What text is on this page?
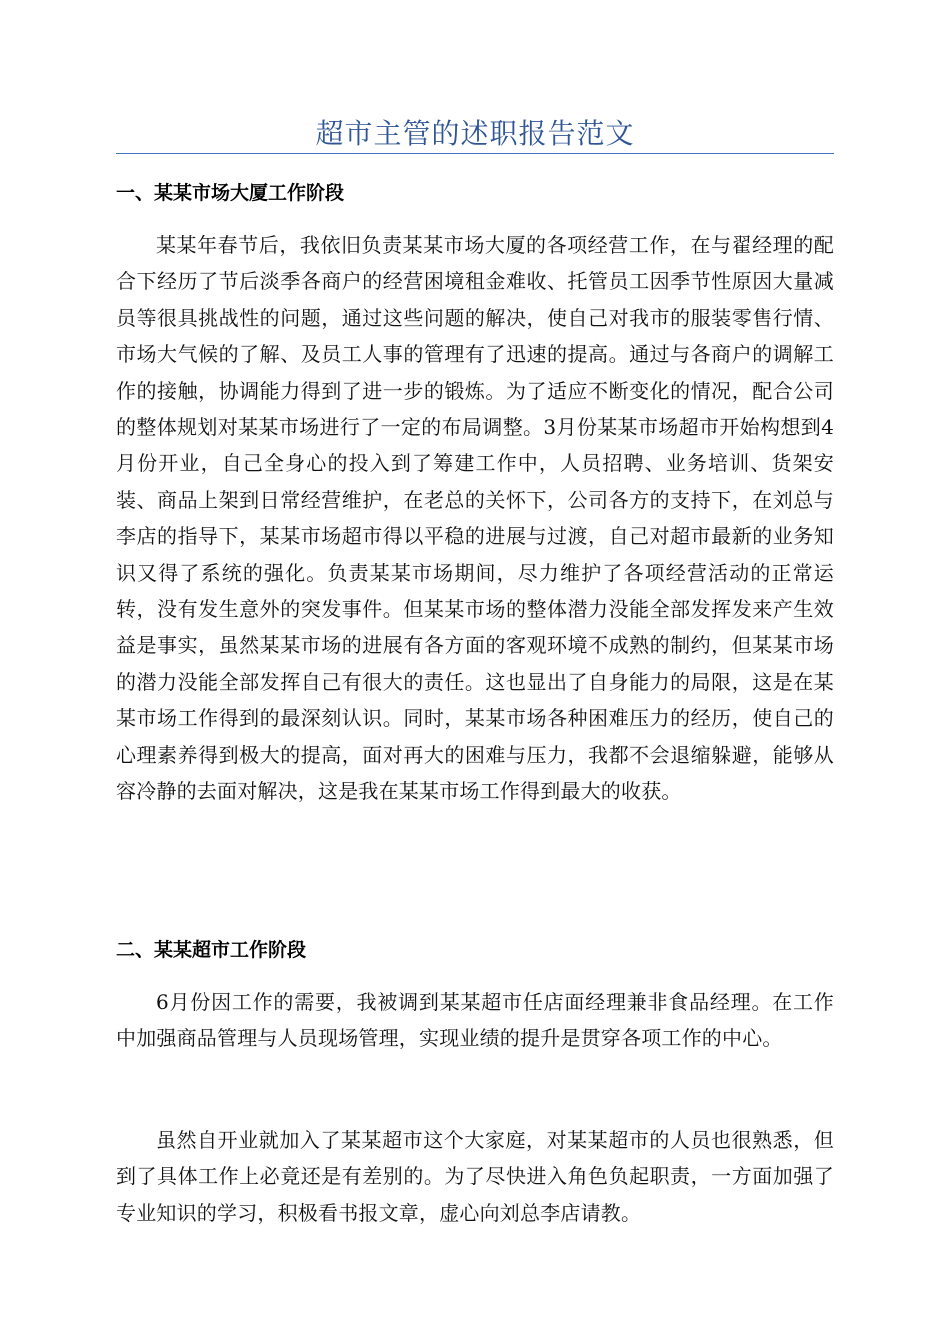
超市主管的述职报告范文
一、某某市场大厦工作阶段

某某年春节后，我依旧负责某某市场大厦的各项经营工作，在与翟经理的配合下经历了节后淡季各商户的经营困境租金难收、托管员工因季节性原因大量减员等很具挑战性的问题，通过这些问题的解决，使自己对我市的服装零售行情、市场大气候的了解、及员工人事的管理有了迅速的提高。通过与各商户的调解工作的接触，协调能力得到了进一步的锻炼。为了适应不断变化的情况，配合公司的整体规划对某某市场进行了一定的布局调整。3月份某某市场超市开始构想到4月份开业，自己全身心的投入到了筹建工作中，人员招聘、业务培训、货架安装、商品上架到日常经营维护，在老总的关怀下，公司各方的支持下，在刘总与李店的指导下，某某市场超市得以平稳的进展与过渡，自己对超市最新的业务知识又得了系统的强化。负责某某市场期间，尽力维护了各项经营活动的正常运转，没有发生意外的突发事件。但某某市场的整体潜力没能全部发挥发来产生效益是事实，虽然某某市场的进展有各方面的客观环境不成熟的制约，但某某市场的潜力没能全部发挥自己有很大的责任。这也显出了自身能力的局限，这是在某某市场工作得到的最深刻认识。同时，某某市场各种困难压力的经历，使自己的心理素养得到极大的提高，面对再大的困难与压力，我都不会退缩躲避，能够从容冷静的去面对解决，这是我在某某市场工作得到最大的收获。

二、某某超市工作阶段

6月份因工作的需要，我被调到某某超市任店面经理兼非食品经理。在工作中加强商品管理与人员现场管理，实现业绩的提升是贯穿各项工作的中心。

虽然自开业就加入了某某超市这个大家庭，对某某超市的人员也很熟悉，但到了具体工作上必竟还是有差别的。为了尽快进入角色负起职责，一方面加强了专业知识的学习，积极看书报文章，虚心向刘总李店请教。
